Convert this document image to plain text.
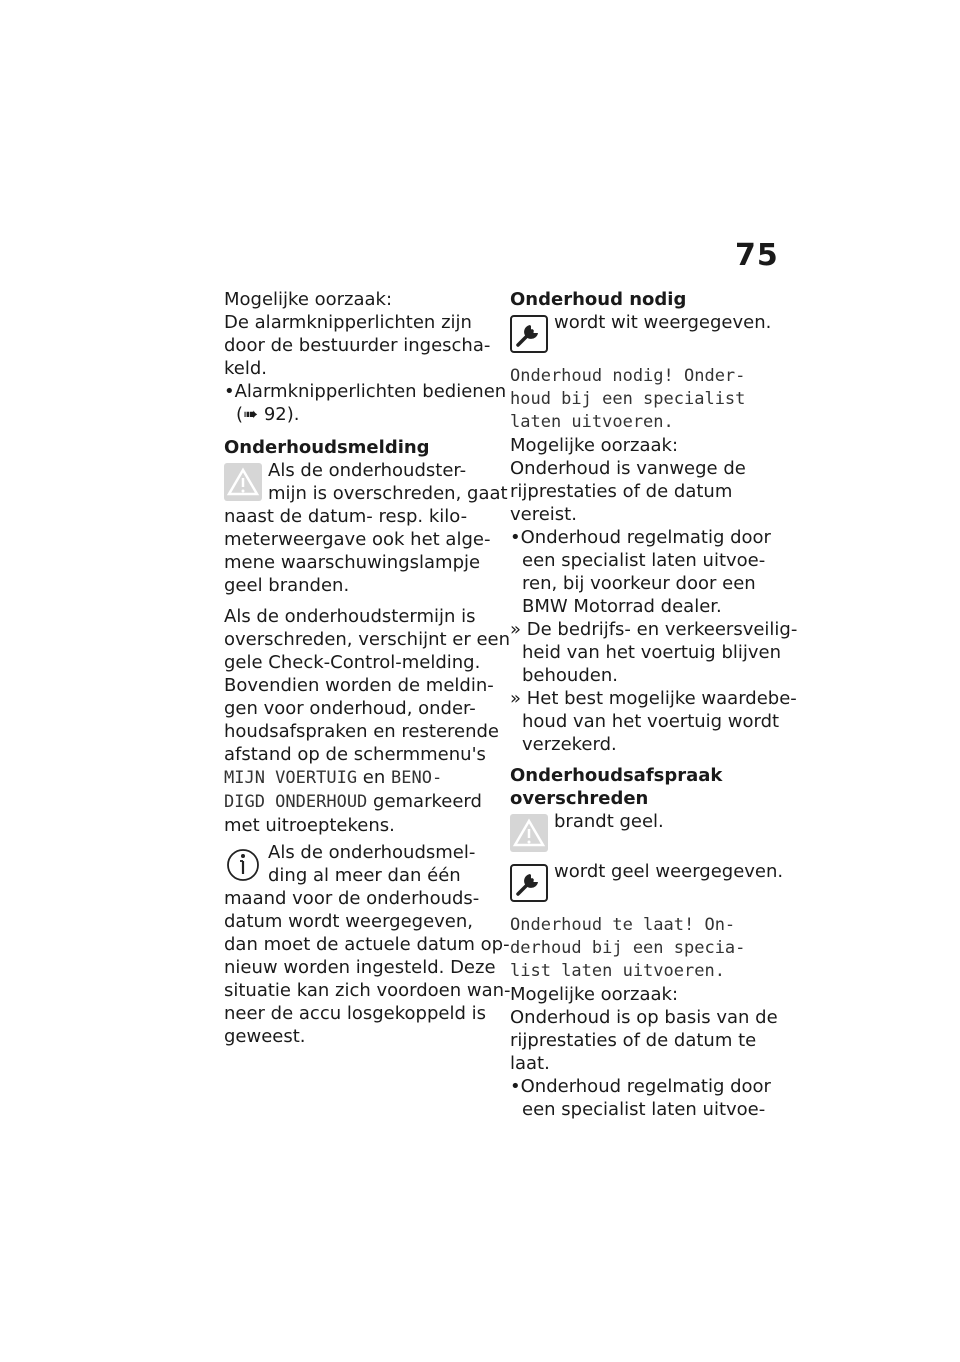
75
Mogelijke oorzaak:
De alarmknipperlichten zijn
door de bestuurder ingescha-
keld.
•Alarmknipperlichten bedienen
(➠ 92).
Onderhoudsmelding
Als de onderhoudster-
mijn is overschreden, gaat
naast de datum- resp. kilo-
meterweergave ook het alge-
mene waarschuwingslampje
geel branden.
Als de onderhoudstermijn is
overschreden, verschijnt er een
gele Check-Control-melding.
Bovendien worden de meldin-
gen voor onderhoud, onder-
houdsafspraken en resterende
afstand op de schermmenu's
MIJN VOERTUIG en BENO-
DIGD ONDERHOUD gemarkeerd
met uitroeptekens.
Als de onderhoudsmel-
ding al meer dan één
maand voor de onderhouds-
datum wordt weergegeven,
dan moet de actuele datum op-
nieuw worden ingesteld. Deze
situatie kan zich voordoen wan-
neer de accu losgekoppeld is
geweest.
Onderhoud nodig
wordt wit weergegeven.
Onderhoud nodig! Onder-
houd bij een specialist
laten uitvoeren.
Mogelijke oorzaak:
Onderhoud is vanwege de
rijprestaties of de datum
vereist.
•Onderhoud regelmatig door
een specialist laten uitvoe-
ren, bij voorkeur door een
BMW Motorrad dealer.
» De bedrijfs- en verkeersveilig-
heid van het voertuig blijven
behouden.
» Het best mogelijke waardebe-
houd van het voertuig wordt
verzekerd.
Onderhoudsafspraak
overschreden
brandt geel.
wordt geel weergegeven.
Onderhoud te laat! On-
derhoud bij een specia-
list laten uitvoeren.
Mogelijke oorzaak:
Onderhoud is op basis van de
rijprestaties of de datum te
laat.
•Onderhoud regelmatig door
een specialist laten uitvoe-
